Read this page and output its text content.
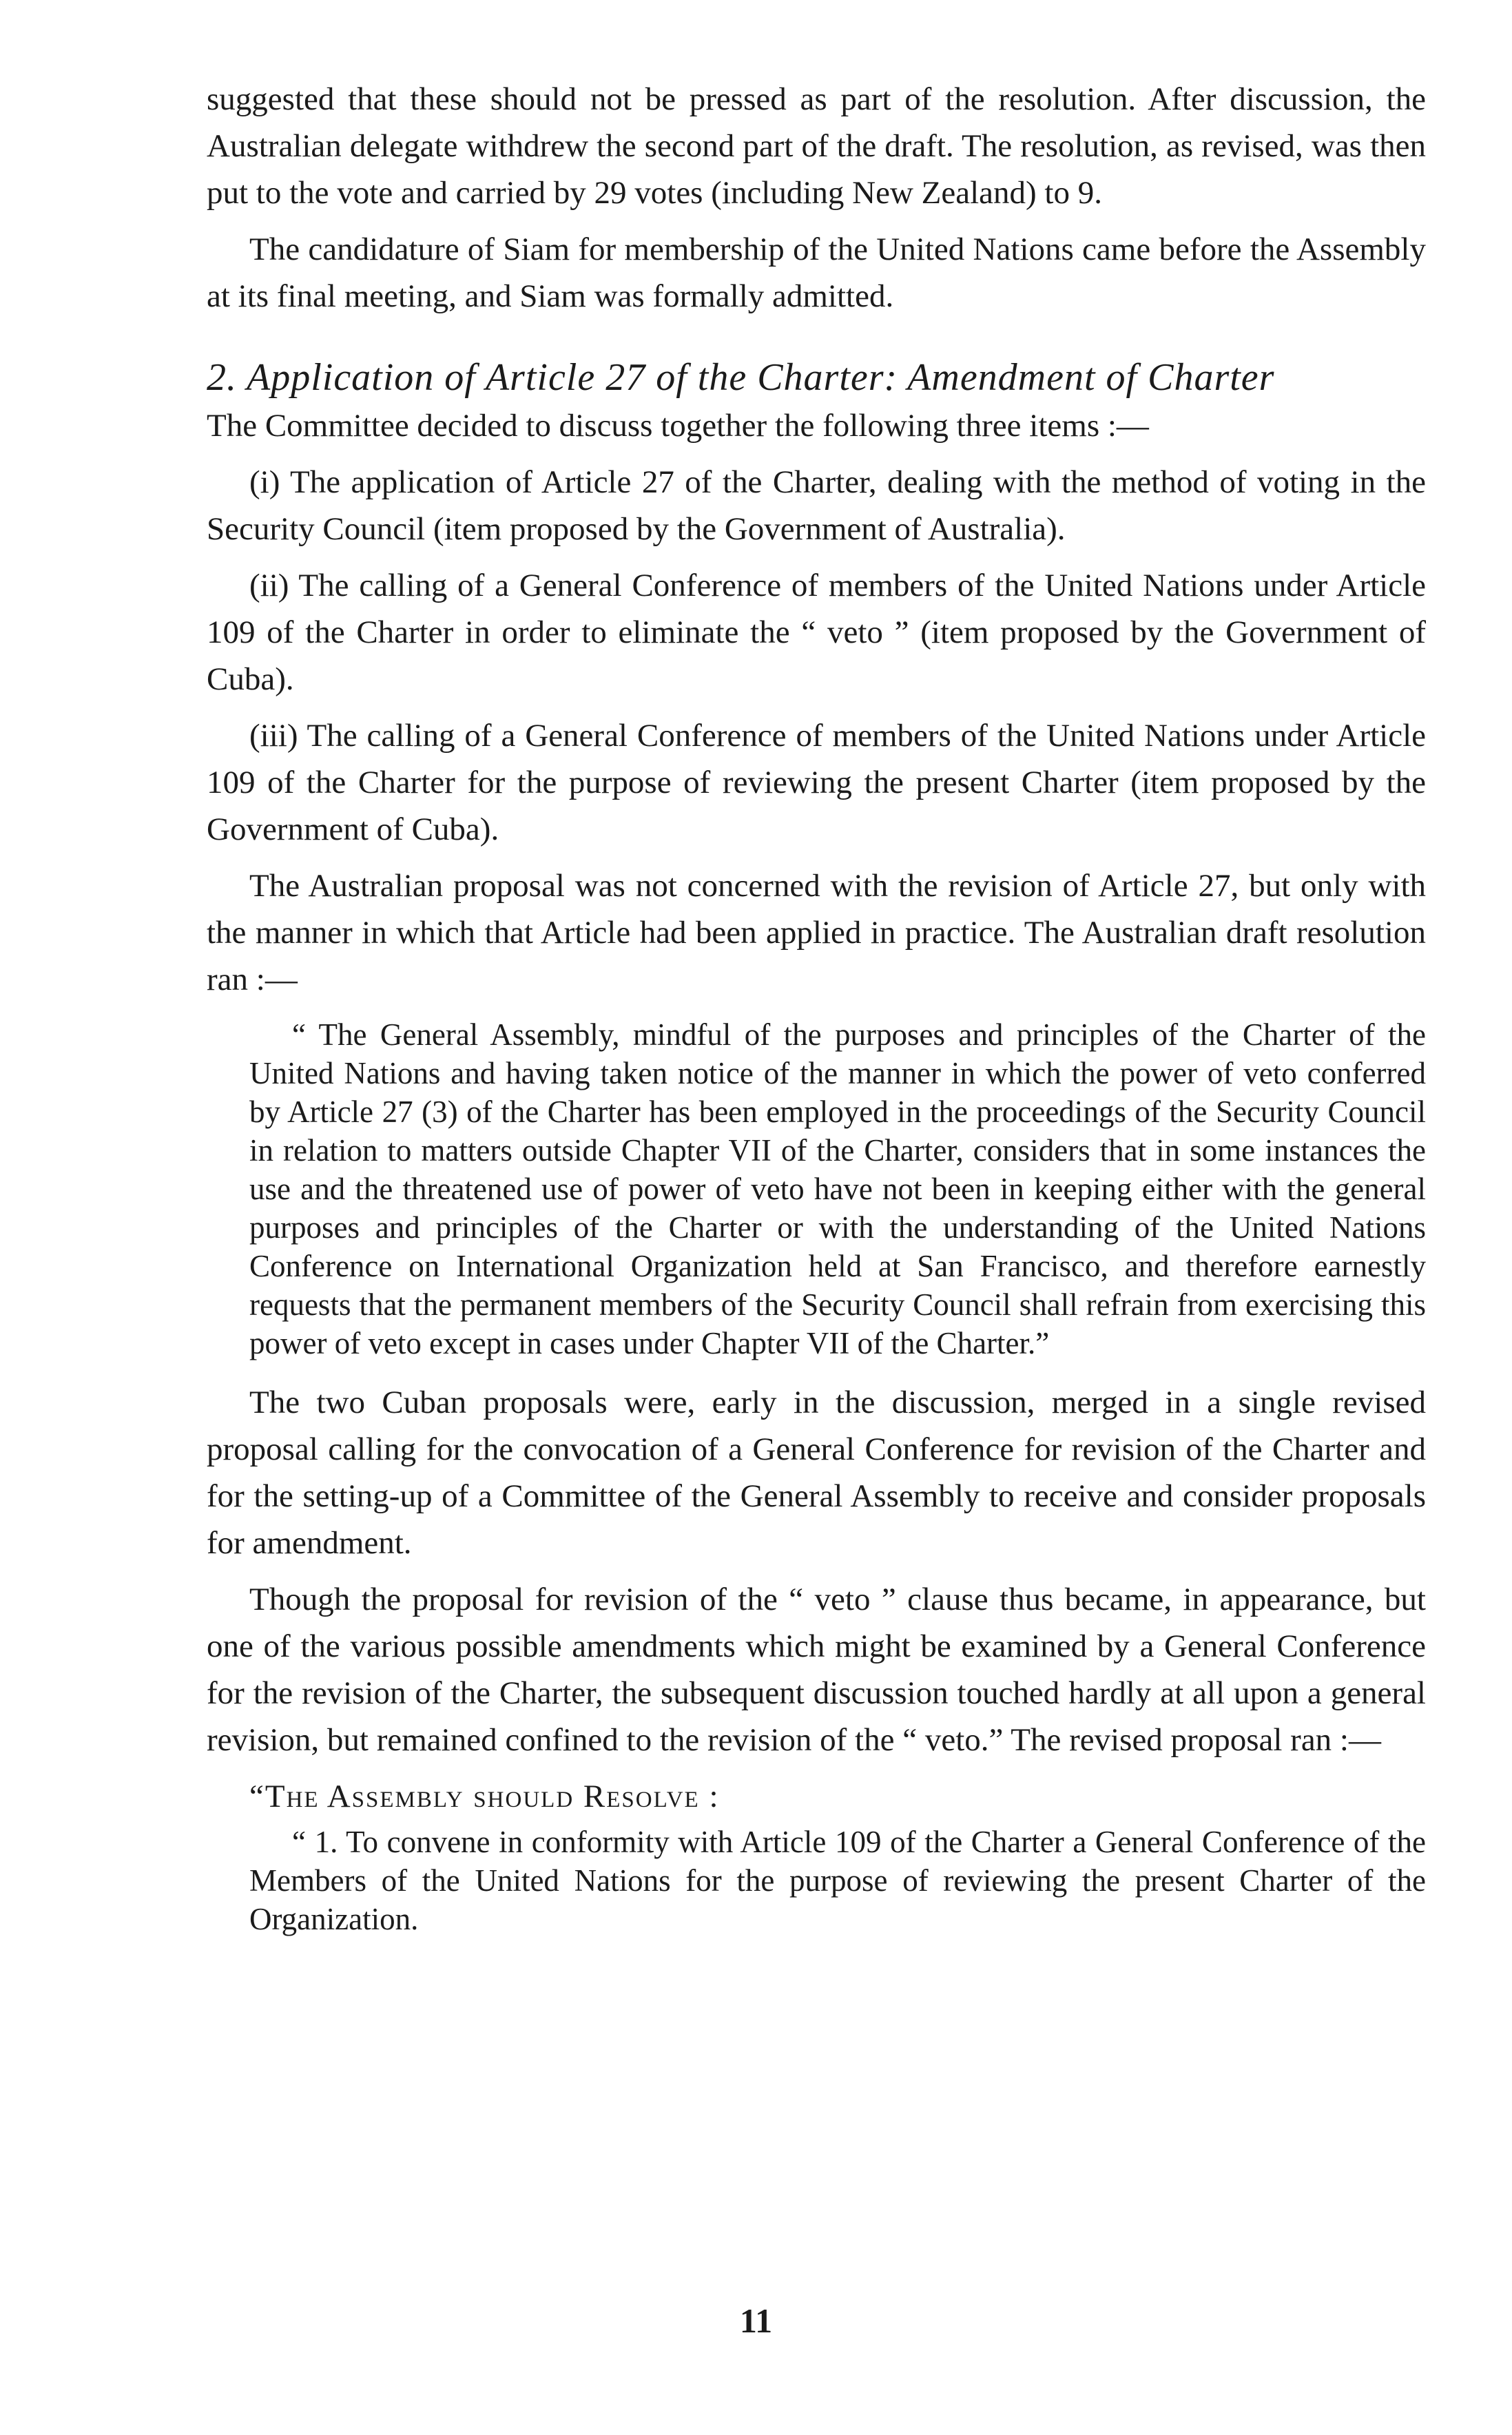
suggested that these should not be pressed as part of the resolution. After discussion, the Australian delegate withdrew the second part of the draft. The resolution, as revised, was then put to the vote and carried by 29 votes (including New Zealand) to 9.

The candidature of Siam for membership of the United Nations came before the Assembly at its final meeting, and Siam was formally admitted.

2. Application of Article 27 of the Charter: Amendment of Charter

The Committee decided to discuss together the following three items :—

(i) The application of Article 27 of the Charter, dealing with the method of voting in the Security Council (item proposed by the Government of Australia).

(ii) The calling of a General Conference of members of the United Nations under Article 109 of the Charter in order to eliminate the “ veto ” (item proposed by the Government of Cuba).

(iii) The calling of a General Conference of members of the United Nations under Article 109 of the Charter for the purpose of reviewing the present Charter (item proposed by the Government of Cuba).

The Australian proposal was not concerned with the revision of Article 27, but only with the manner in which that Article had been applied in practice. The Australian draft resolution ran :—

“ The General Assembly, mindful of the purposes and principles of the Charter of the United Nations and having taken notice of the manner in which the power of veto conferred by Article 27 (3) of the Charter has been employed in the proceedings of the Security Council in relation to matters outside Chapter VII of the Charter, considers that in some instances the use and the threatened use of power of veto have not been in keeping either with the general purposes and principles of the Charter or with the understanding of the United Nations Conference on International Organization held at San Francisco, and therefore earnestly requests that the permanent members of the Security Council shall refrain from exercising this power of veto except in cases under Chapter VII of the Charter.”

The two Cuban proposals were, early in the discussion, merged in a single revised proposal calling for the convocation of a General Conference for revision of the Charter and for the setting-up of a Committee of the General Assembly to receive and consider proposals for amendment.

Though the proposal for revision of the “ veto ” clause thus became, in appearance, but one of the various possible amendments which might be examined by a General Conference for the revision of the Charter, the subsequent discussion touched hardly at all upon a general revision, but remained confined to the revision of the “ veto.” The revised proposal ran :—

“The Assembly should Resolve :

“ 1. To convene in conformity with Article 109 of the Charter a General Conference of the Members of the United Nations for the purpose of reviewing the present Charter of the Organization.

11
